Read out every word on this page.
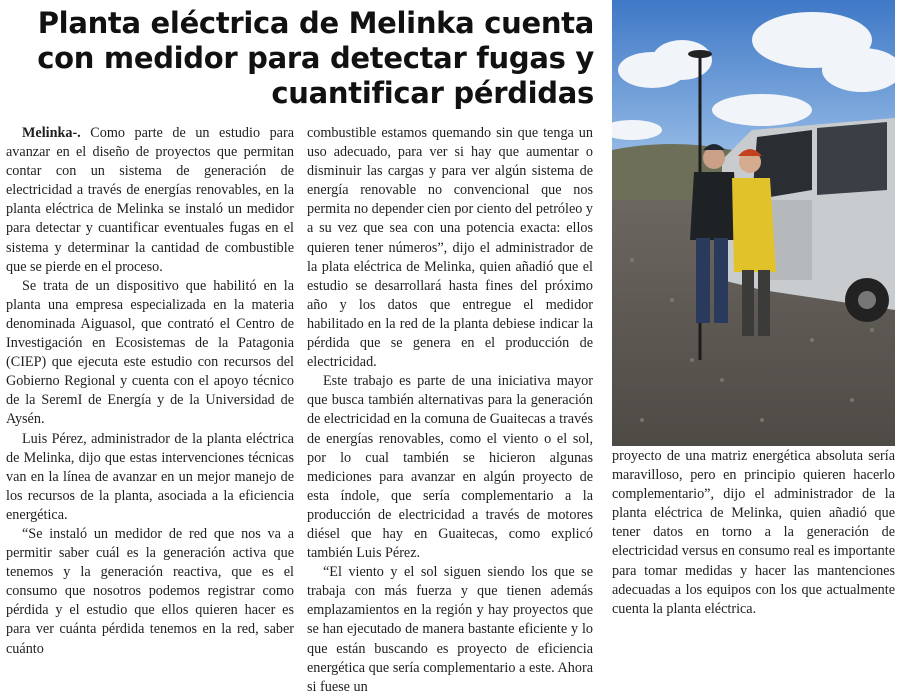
Planta eléctrica de Melinka cuenta con medidor para detectar fugas y cuantificar pérdidas

Melinka-. Como parte de un estudio para avanzar en el diseño de proyectos que permitan contar con un sistema de generación de electricidad a través de energías renovables, en la planta eléctrica de Melinka se instaló un medidor para detectar y cuantificar eventuales fugas en el sistema y determinar la cantidad de combustible que se pierde en el proceso.

Se trata de un dispositivo que habilitó en la planta una empresa especializada en la materia denominada Aiguasol, que contrató el Centro de Investigación en Ecosistemas de la Patagonia (CIEP) que ejecuta este estudio con recursos del Gobierno Regional y cuenta con el apoyo técnico de la SeremI de Energía y de la Universidad de Aysén.

Luis Pérez, administrador de la planta eléctrica de Melinka, dijo que estas intervenciones técnicas van en la línea de avanzar en un mejor manejo de los recursos de la planta, asociada a la eficiencia energética.

“Se instaló un medidor de red que nos va a permitir saber cuál es la generación activa que tenemos y la generación reactiva, que es el consumo que nosotros podemos registrar como pérdida y el estudio que ellos quieren hacer es para ver cuánta pérdida tenemos en la red, saber cuánto

combustible estamos quemando sin que tenga un uso adecuado, para ver si hay que aumentar o disminuir las cargas y para ver algún sistema de energía renovable no convencional que nos permita no depender cien por ciento del petróleo y a su vez que sea con una potencia exacta: ellos quieren tener números”, dijo el administrador de la plata eléctrica de Melinka, quien añadió que el estudio se desarrollará hasta fines del próximo año y los datos que entregue el medidor habilitado en la red de la planta debiese indicar la pérdida que se genera en el producción de electricidad.

Este trabajo es parte de una iniciativa mayor que busca también alternativas para la generación de electricidad en la comuna de Guaitecas a través de energías renovables, como el viento o el sol, por lo cual también se hicieron algunas mediciones para avanzar en algún proyecto de esta índole, que sería complementario a la producción de electricidad a través de motores diésel que hay en Guaitecas, como explicó también Luis Pérez.

“El viento y el sol siguen siendo los que se trabaja con más fuerza y que tienen además emplazamientos en la región y hay proyectos que se han ejecutado de manera bastante eficiente y lo que están buscando es proyecto de eficiencia energética que sería complementario a este. Ahora si fuese un

proyecto de una matriz energética absoluta sería maravilloso, pero en principio quieren hacerlo complementario”, dijo el administrador de la planta eléctrica de Melinka, quien añadió que tener datos en torno a la generación de electricidad versus en consumo real es importante para tomar medidas y hacer las mantenciones adecuadas a los equipos con los que actualmente cuenta la planta eléctrica.
